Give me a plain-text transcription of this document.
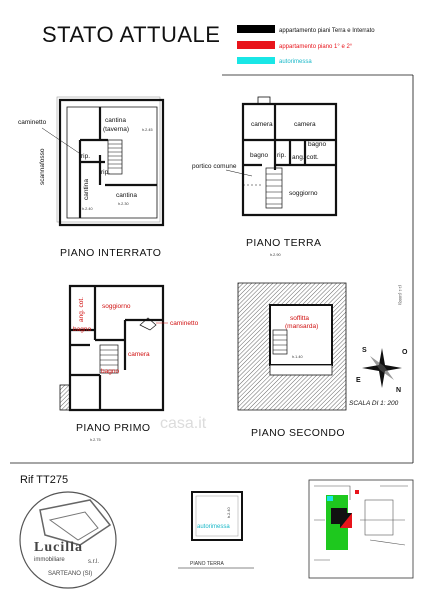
STATO ATTUALE	appartamento piani Terra e Interrato
appartamento piano 1° e 2°
autorimessa
caminetto	cantina
(taverna)	h.2.45
rip.
cantina
rip.
cantina
h.2.40
h.2.30
scannafosso
PIANO INTERRATO
camera	camera
bagno rip. ang. cott.
bagno
portico comune
soggiorno
PIANO TERRA
h.2.90
soggiorno
ang. cot.
bagno
caminetto
camera
bagno
PIANO PRIMO
h.2.75
soffitta
(mansarda)
h.1.40
PIANO SECONDO
N
S
E
O
SCALA DI 1: 200
(1:1 (1000))
casa.it
Rif TT275
Lucilla
immobiliare	s.r.l.
SARTEANO (SI)
autorimessa
h.2.40
PIANO TERRA
